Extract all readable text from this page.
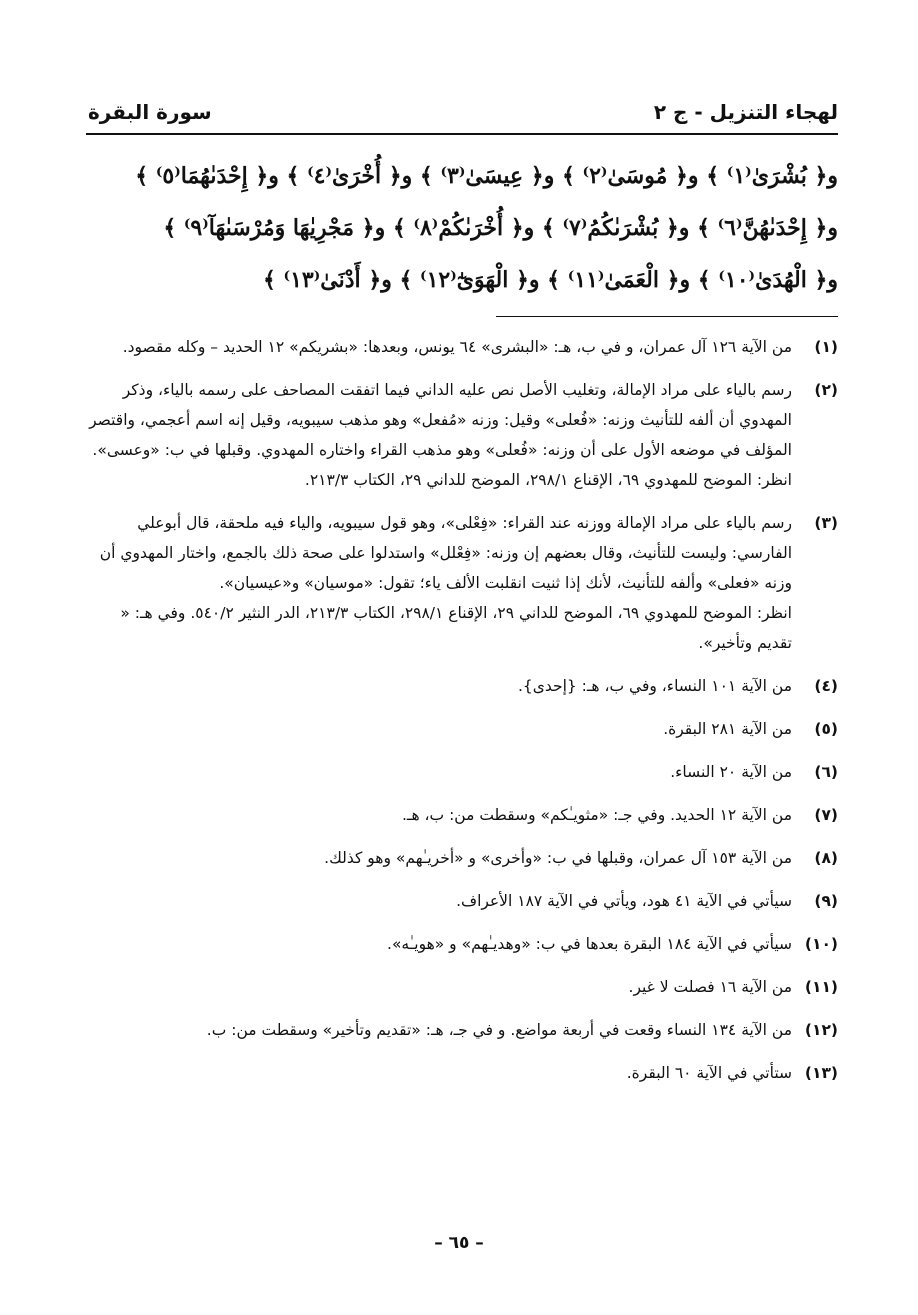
لهجاء التنزيل - ج ٢
سورة البقرة
و﴿ بُشْرَىٰ⁽١⁾ ﴾ و﴿ مُوسَىٰ⁽٢⁾ ﴾ و﴿ عِيسَىٰ⁽٣⁾ ﴾ و﴿ أُخْرَىٰ⁽٤⁾ ﴾ و﴿ إِحْدَىٰهُمَا⁽٥⁾ ﴾
و﴿ إِحْدَىٰهُنَّ⁽٦⁾ ﴾ و﴿ بُشْرَىٰكُمُ⁽٧⁾ ﴾ و﴿ أُخْرَىٰكُمْ⁽٨⁾ ﴾ و﴿ مَجْرِيٰهَا وَمُرْسَىٰهَآ⁽٩⁾ ﴾
و﴿ الْهُدَىٰ⁽١٠⁾ ﴾ و﴿ الْعَمَىٰ⁽١١⁾ ﴾ و﴿ الْهَوَىٰٓ⁽١٢⁾ ﴾ و﴿ أَدْنَىٰ⁽١٣⁾ ﴾
(١)

من الآية ١٢٦ آل عمران، و في ب، هـ: «البشرى» ٦٤ يونس، وبعدها: «بشريكم» ١٢ الحديد – وكله مقصود.

(٢)

رسم بالياء على مراد الإمالة، وتغليب الأصل نص عليه الداني فيما اتفقت المصاحف على رسمه بالياء، وذكر المهدوي أن ألفه للتأنيث وزنه: «فُعلى» وقيل: وزنه «مُفعل» وهو مذهب سيبويه، وقيل إنه اسم أعجمي، واقتصر المؤلف في موضعه الأول على أن وزنه: «فُعلى» وهو مذهب القراء واختاره المهدوي. وقبلها في ب: «وعسى».

انظر: الموضح للمهدوي ٦٩، الإقناع ٢٩٨/١، الموضح للداني ٢٩، الكتاب ٢١٣/٣.

(٣)

رسم بالياء على مراد الإمالة ووزنه عند القراء: «فِعْلى»، وهو قول سيبويه، والياء فيه ملحقة، قال أبوعلي الفارسي: وليست للتأنيث، وقال بعضهم إن وزنه: «فِعْلل» واستدلوا على صحة ذلك بالجمع، واختار المهدوي أن وزنه «فعلى» وألفه للتأنيث، لأنك إذا ثنيت انقلبت الألف ياء؛ تقول: «موسيان» و«عيسيان».

انظر: الموضح للمهدوي ٦٩، الموضح للداني ٢٩، الإقناع ٢٩٨/١، الكتاب ٢١٣/٣، الدر النثير ٥٤٠/٢. وفي هـ: « تقديم وتأخير».

(٤)

من الآية ١٠١ النساء، وفي ب، هـ: {إحدى}.

(٥)

من الآية ٢٨١ البقرة.

(٦)

من الآية ٢٠ النساء.

(٧)

من الآية ١٢ الحديد. وفي جـ: «مثويـٰكم» وسقطت من: ب، هـ.

(٨)

من الآية ١٥٣ آل عمران، وقبلها في ب: «وأخرى» و «أخريـٰهم» وهو كذلك.

(٩)

سيأتي في الآية ٤١ هود، ويأتي في الآية ١٨٧ الأعراف.

(١٠)

سيأتي في الآية ١٨٤ البقرة بعدها في ب: «وهديـٰهم» و «هويـٰه».

(١١)

من الآية ١٦ فصلت لا غير.

(١٢)

من الآية ١٣٤ النساء وقعت في أربعة مواضع. و في جـ، هـ: «تقديم وتأخير» وسقطت من: ب.

(١٣)

ستأتي في الآية ٦٠ البقرة.

– ٦٥ –
